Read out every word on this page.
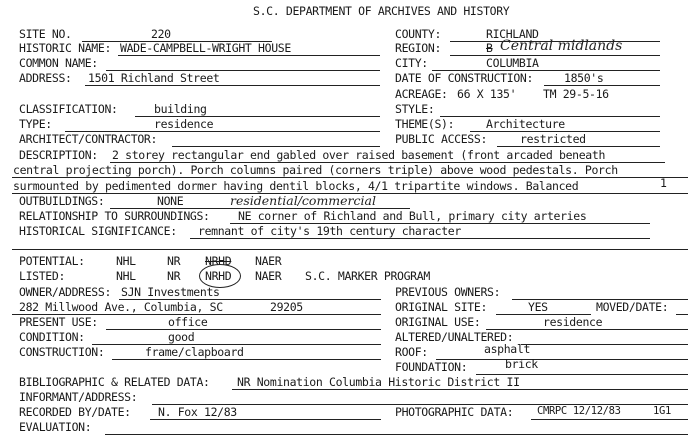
S.C. DEPARTMENT OF ARCHIVES AND HISTORY
SITE NO.	220
HISTORIC NAME: WADE-CAMPBELL-WRIGHT HOUSE
COMMON NAME:
ADDRESS: 1501 Richland Street
COUNTY:	RICHLAND
REGION:	B Central midlands
CITY:	COLUMBIA
DATE OF CONSTRUCTION:	1850's
ACREAGE: 66 X 135' TM 29-5-16
CLASSIFICATION:	building
TYPE:	residence
ARCHITECT/CONTRACTOR:
STYLE:
THEME(S):	Architecture
PUBLIC ACCESS:	restricted
DESCRIPTION: 2 storey rectangular end gabled over raised basement (front arcaded beneath
central projecting porch). Porch columns paired (corners triple) above wood pedestals. Porch
surmounted by pedimented dormer having dentil blocks, 4/1 tripartite windows. Balanced	1
OUTBUILDINGS:	NONE	residential/commercial
RELATIONSHIP TO SURROUNDINGS: NE corner of Richland and Bull, primary city arteries
HISTORICAL SIGNIFICANCE: remnant of city's 19th century character
POTENTIAL:	NHL	NR NRHD NAER
LISTED:	NHL	NR NRHD NAER S.C. MARKER PROGRAM
OWNER/ADDRESS: SJN Investments
282 Millwood Ave., Columbia, SC	29205
PRESENT USE:	office
CONDITION:	good
CONSTRUCTION:	frame/clapboard
PREVIOUS OWNERS:
ORIGINAL SITE:	YES	MOVED/DATE:
ORIGINAL USE:	residence
ALTERED/UNALTERED:
ROOF:	asphalt
FOUNDATION:	brick
BIBLIOGRAPHIC & RELATED DATA: NR Nomination Columbia Historic District II
INFORMANT/ADDRESS:
RECORDED BY/DATE: N. Fox 12/83	PHOTOGRAPHIC DATA: CMRPC 12/12/83	1G1
EVALUATION:
